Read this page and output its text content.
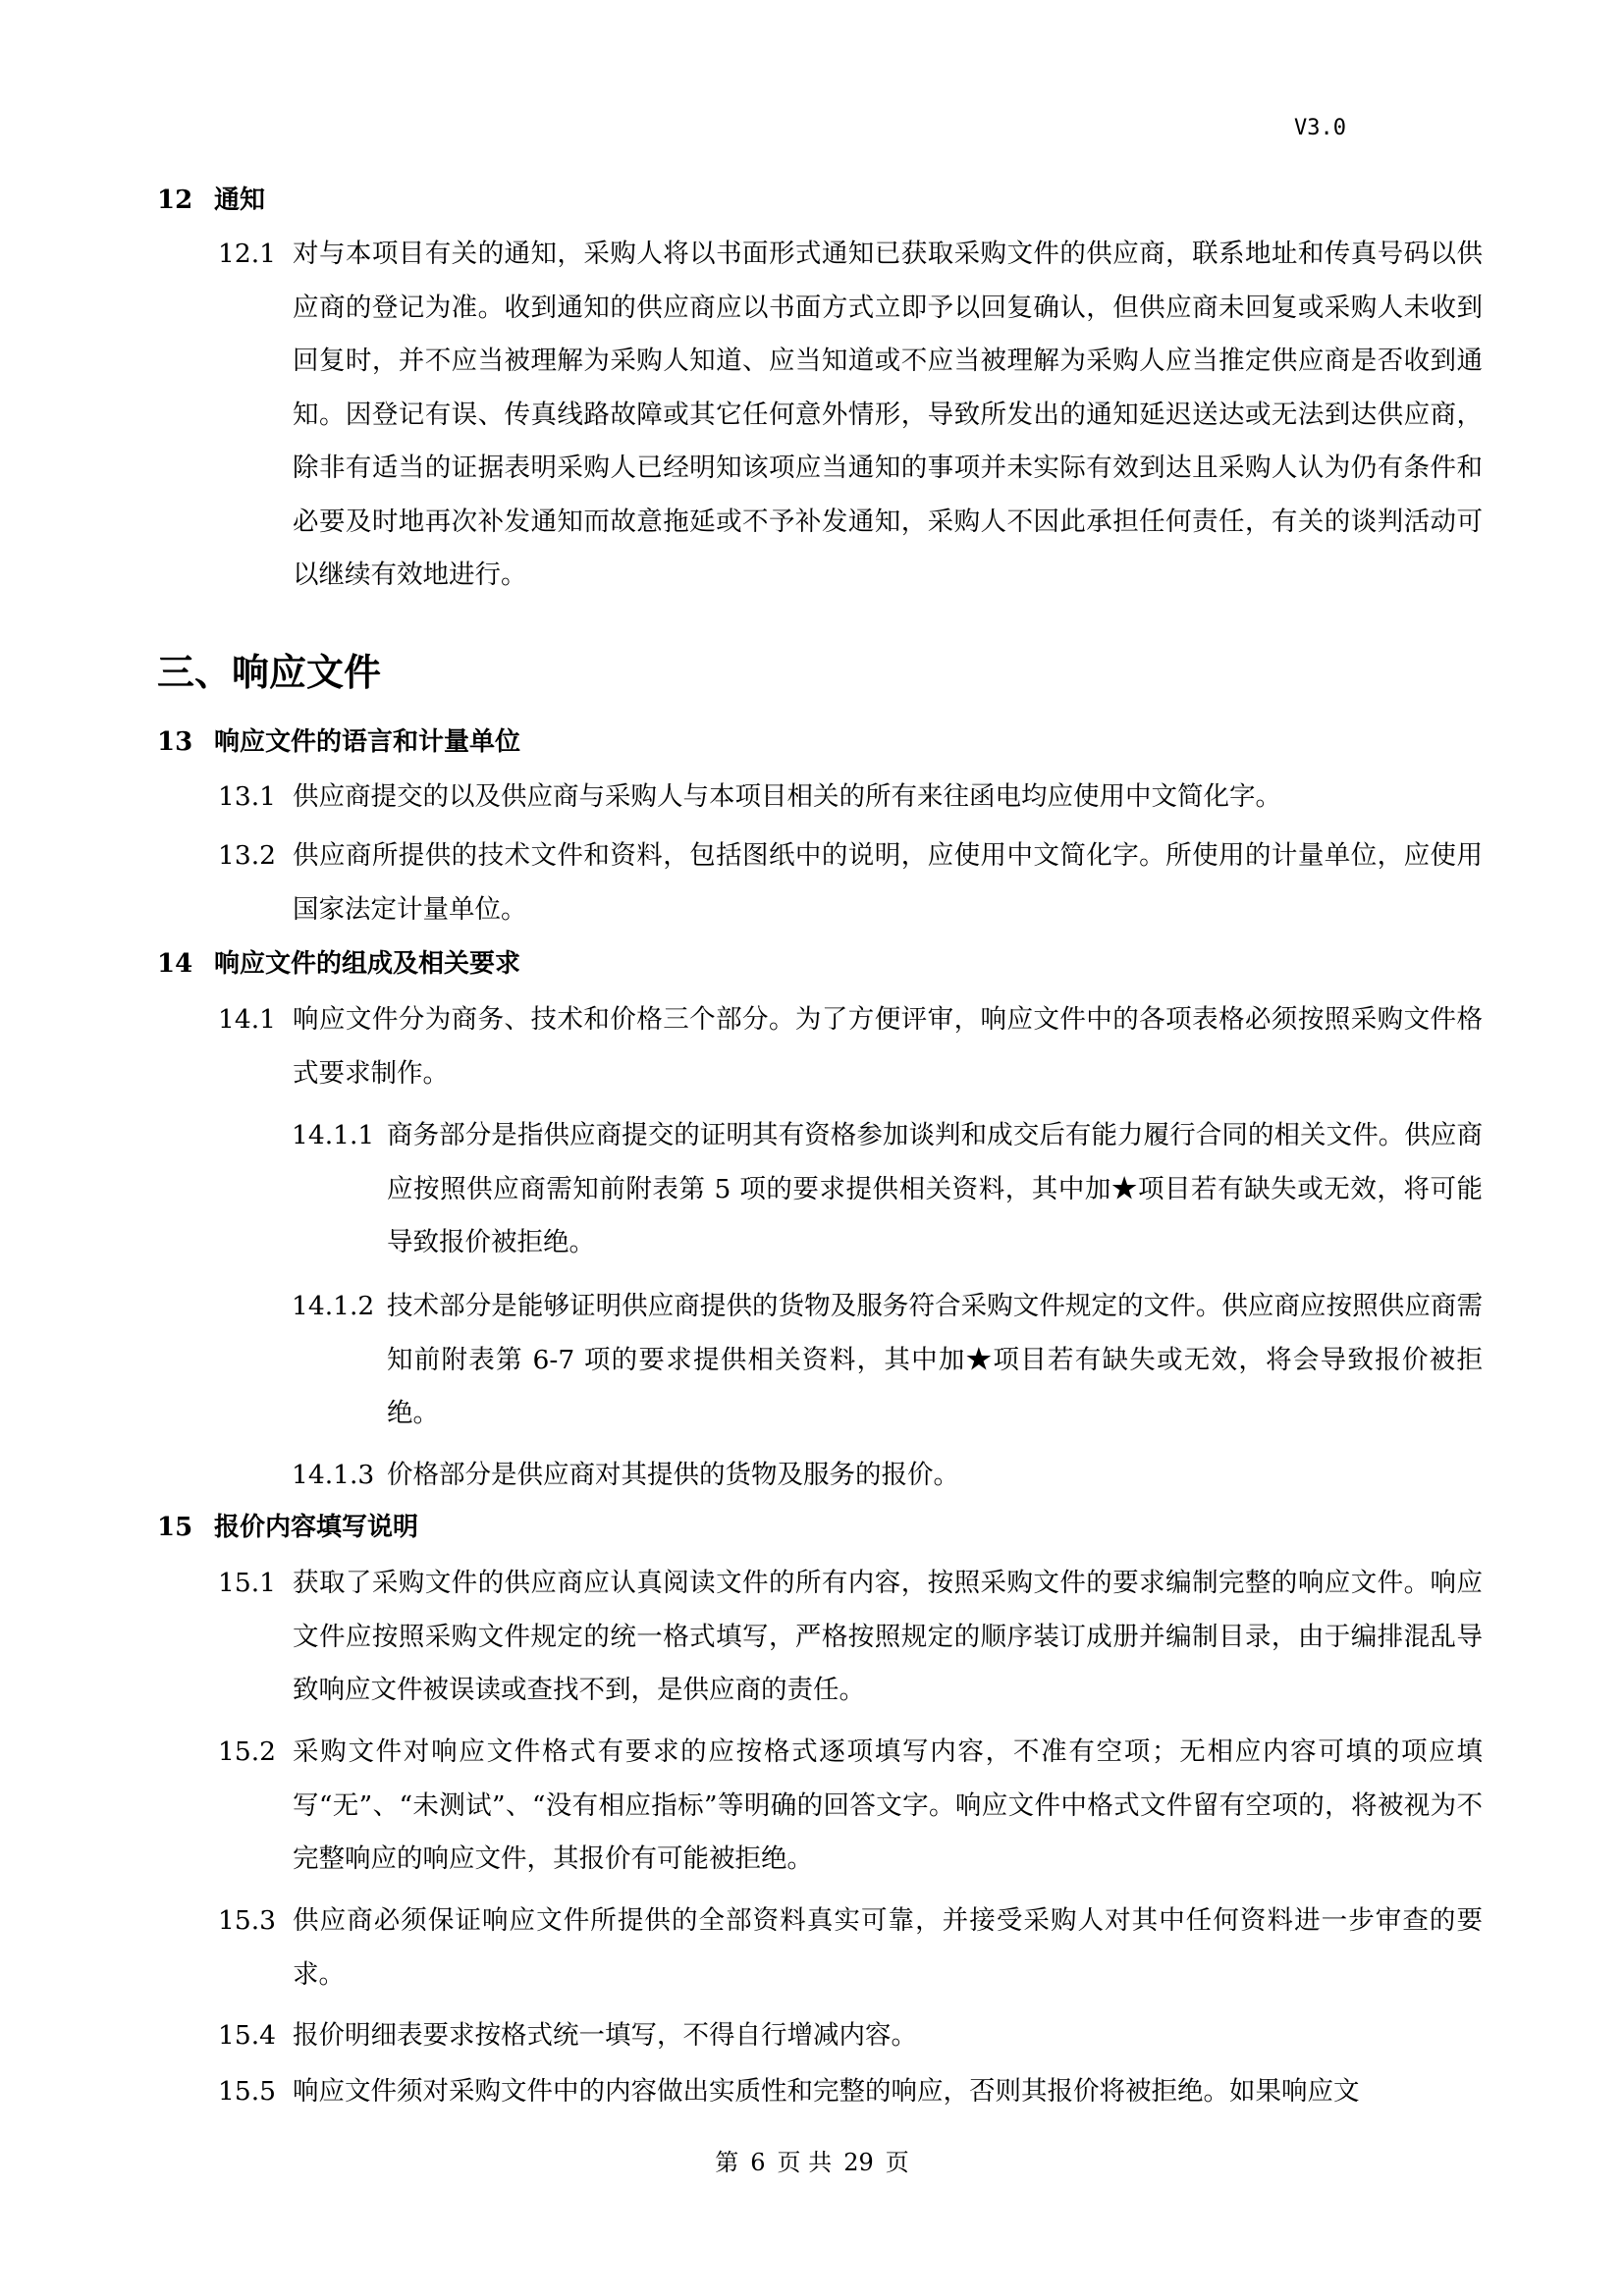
V3.0
12 通知
12.1 对与本项目有关的通知，采购人将以书面形式通知已获取采购文件的供应商，联系地址和传真号码以供应商的登记为准。收到通知的供应商应以书面方式立即予以回复确认，但供应商未回复或采购人未收到回复时，并不应当被理解为采购人知道、应当知道或不应当被理解为采购人应当推定供应商是否收到通知。因登记有误、传真线路故障或其它任何意外情形，导致所发出的通知延迟送达或无法到达供应商，除非有适当的证据表明采购人已经明知该项应当通知的事项并未实际有效到达且采购人认为仍有条件和必要及时地再次补发通知而故意拖延或不予补发通知，采购人不因此承担任何责任，有关的谈判活动可以继续有效地进行。
三、响应文件
13 响应文件的语言和计量单位
13.1 供应商提交的以及供应商与采购人与本项目相关的所有来往函电均应使用中文简化字。
13.2 供应商所提供的技术文件和资料，包括图纸中的说明，应使用中文简化字。所使用的计量单位，应使用国家法定计量单位。
14 响应文件的组成及相关要求
14.1 响应文件分为商务、技术和价格三个部分。为了方便评审，响应文件中的各项表格必须按照采购文件格式要求制作。
14.1.1 商务部分是指供应商提交的证明其有资格参加谈判和成交后有能力履行合同的相关文件。供应商应按照供应商需知前附表第 5 项的要求提供相关资料，其中加★项目若有缺失或无效，将可能导致报价被拒绝。
14.1.2 技术部分是能够证明供应商提供的货物及服务符合采购文件规定的文件。供应商应按照供应商需知前附表第 6-7 项的要求提供相关资料，其中加★项目若有缺失或无效，将会导致报价被拒绝。
14.1.3 价格部分是供应商对其提供的货物及服务的报价。
15 报价内容填写说明
15.1 获取了采购文件的供应商应认真阅读文件的所有内容，按照采购文件的要求编制完整的响应文件。响应文件应按照采购文件规定的统一格式填写，严格按照规定的顺序装订成册并编制目录，由于编排混乱导致响应文件被误读或查找不到，是供应商的责任。
15.2 采购文件对响应文件格式有要求的应按格式逐项填写内容，不准有空项；无相应内容可填的项应填写“无”、“未测试”、“没有相应指标”等明确的回答文字。响应文件中格式文件留有空项的，将被视为不完整响应的响应文件，其报价有可能被拒绝。
15.3 供应商必须保证响应文件所提供的全部资料真实可靠，并接受采购人对其中任何资料进一步审查的要求。
15.4 报价明细表要求按格式统一填写，不得自行增减内容。
15.5 响应文件须对采购文件中的内容做出实质性和完整的响应，否则其报价将被拒绝。如果响应文
第 6 页 共 29 页
